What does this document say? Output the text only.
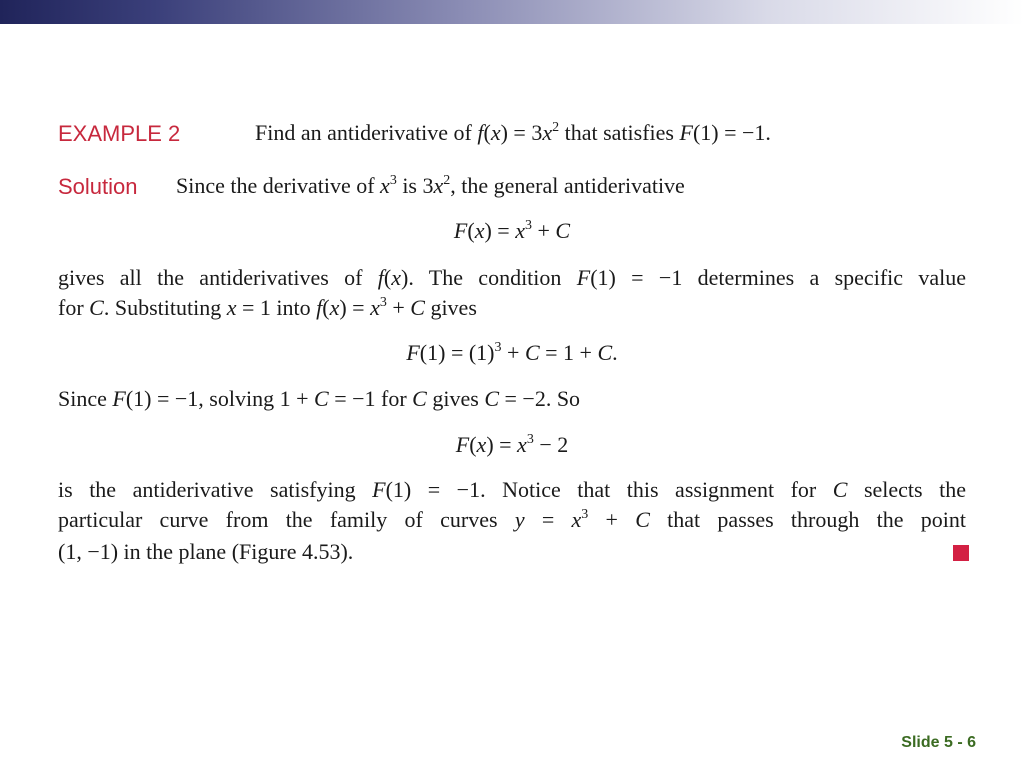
EXAMPLE 2	Find an antiderivative of $f(x) = 3x^2$ that satisfies F(1) = −1.
Solution Since the derivative of $x^3$ is $3x^2$, the general antiderivative
$F(x) = x^3 + C$
gives all the antiderivatives of f(x). The condition F(1) = −1 determines a specific value
for C. Substituting x = 1 into $f(x) = x^3 + C$ gives
$F(1) = (1)^3 + C = 1 + C$.
Since F(1) = −1, solving 1 + C = −1 for C gives C = −2. So
$F(x) = x^3 - 2$
is the antiderivative satisfying F(1) = −1. Notice that this assignment for C selects the
particular curve from the family of curves $y = x^3 + C$ that passes through the point
(1, −1) in the plane (Figure 4.53).
Slide 5 - 6
